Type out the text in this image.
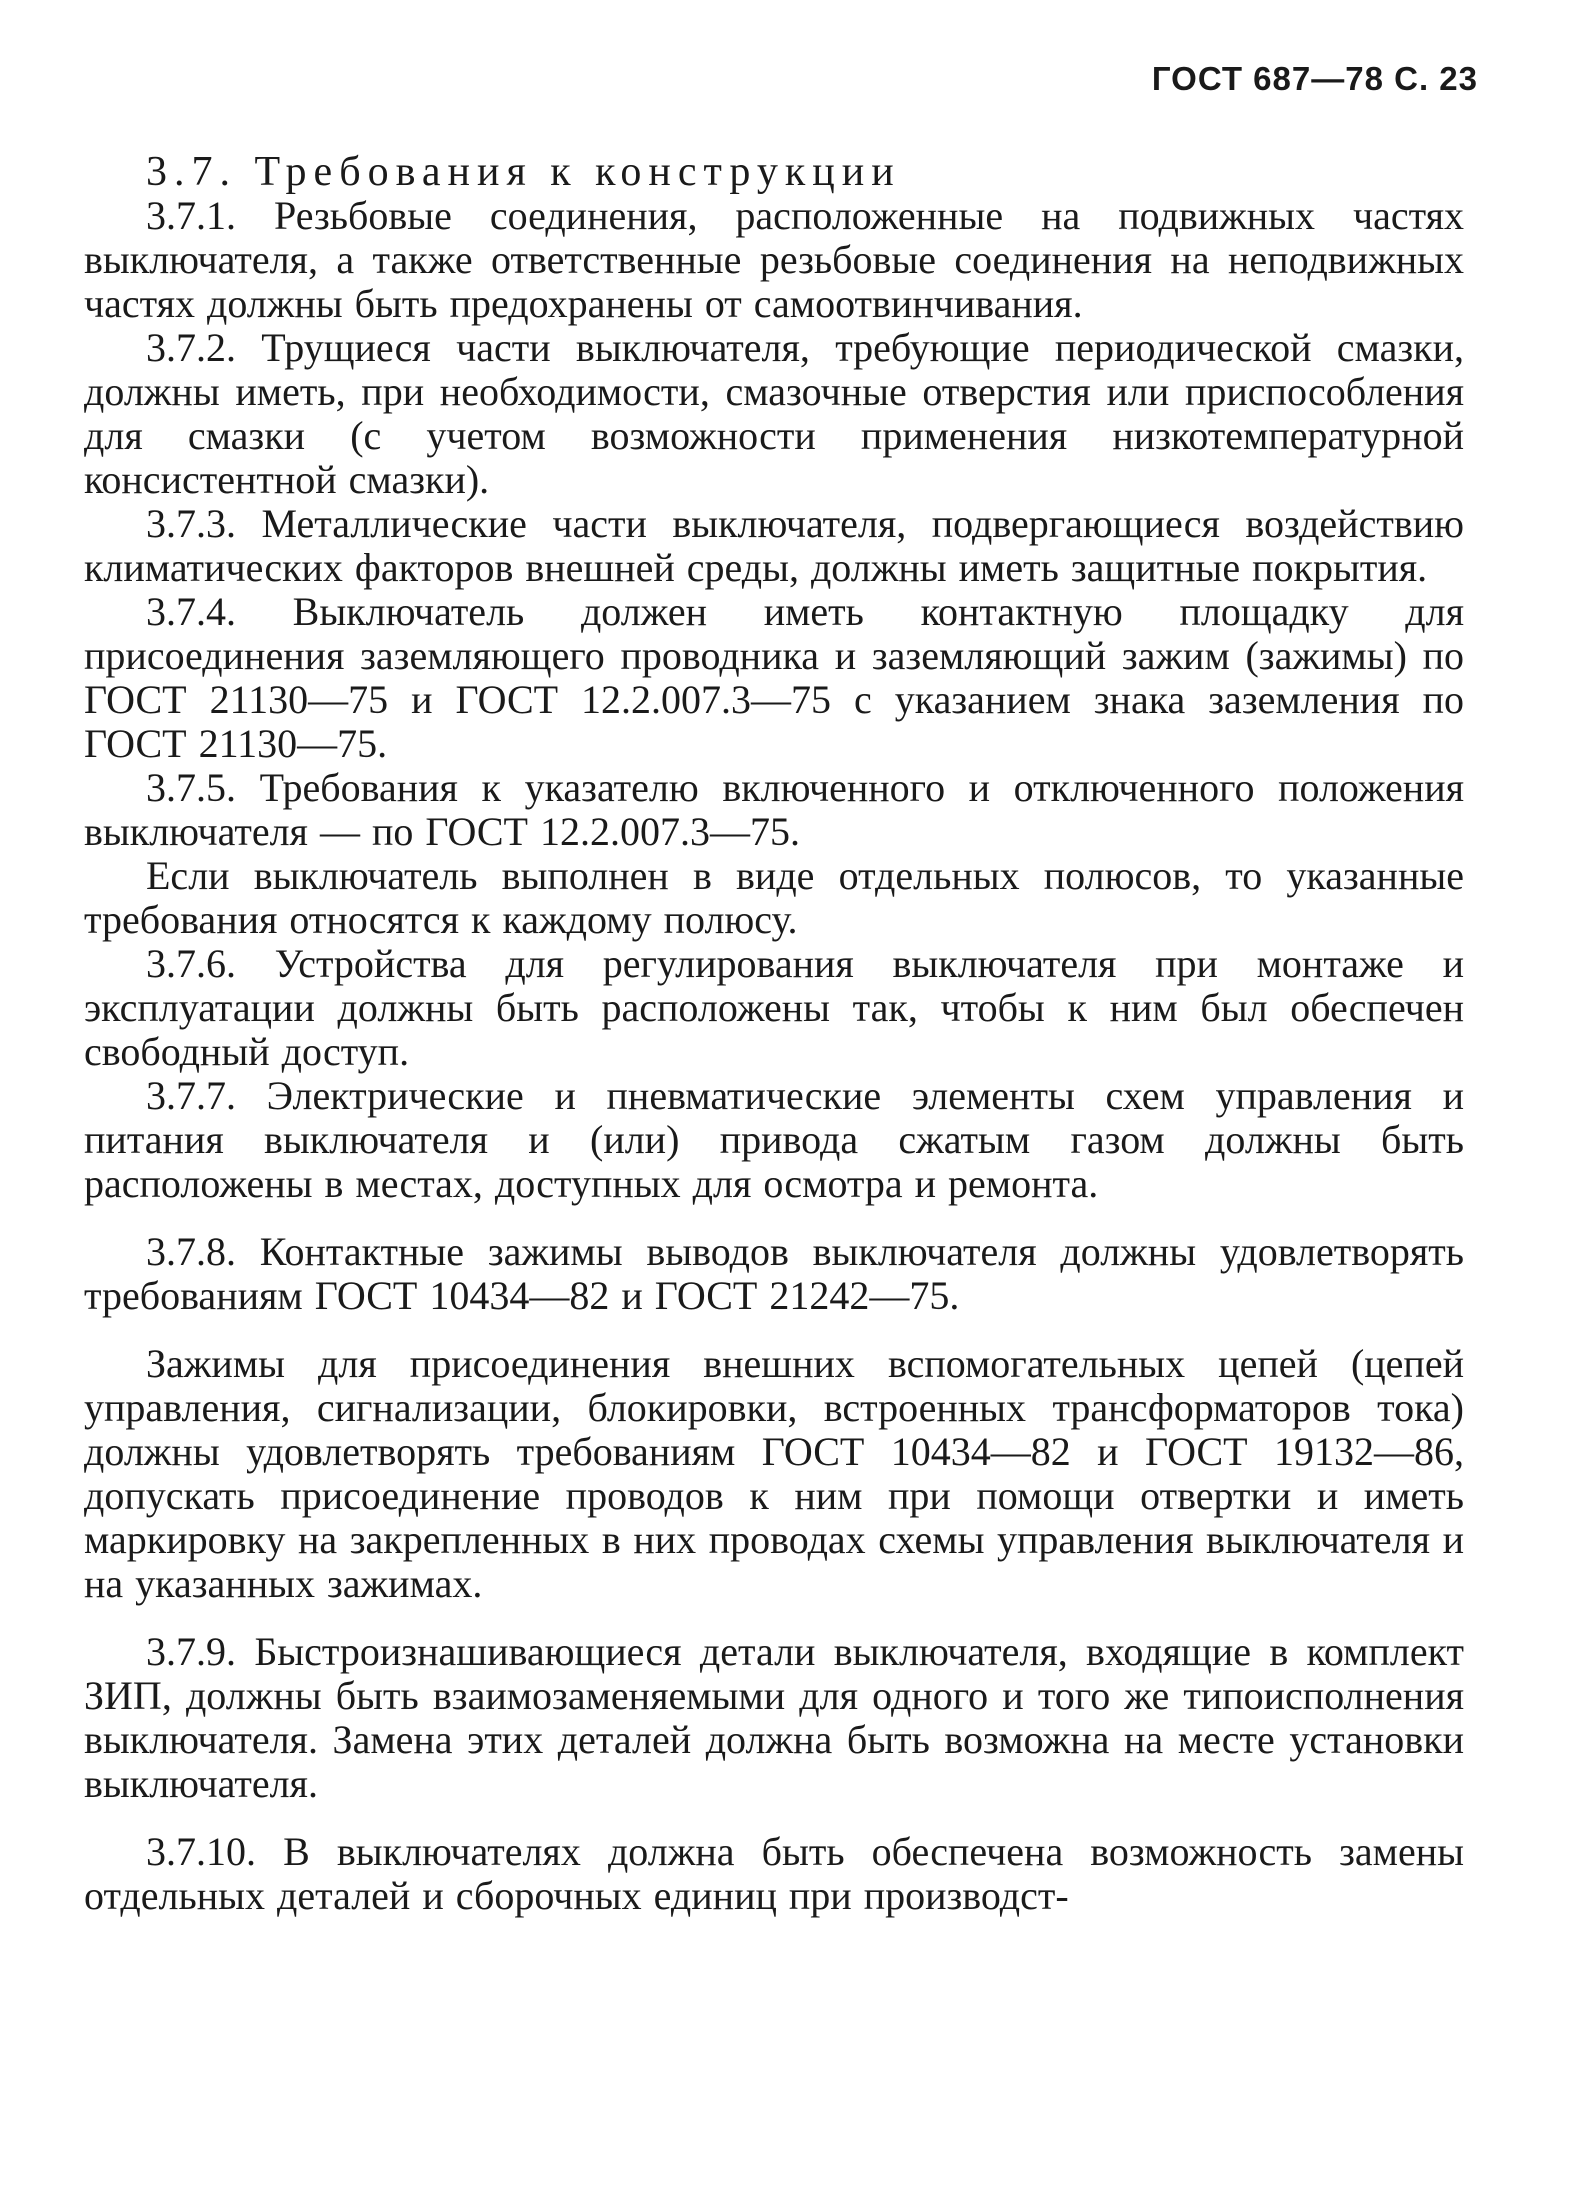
ГОСТ 687—78 С. 23

3.7. Требования к конструкции

3.7.1. Резьбовые соединения, расположенные на подвижных частях выключателя, а также ответственные резьбовые соединения на неподвижных частях должны быть предохранены от самоотвинчивания.

3.7.2. Трущиеся части выключателя, требующие периодической смазки, должны иметь, при необходимости, смазочные отверстия или приспособления для смазки (с учетом возможности применения низкотемпературной консистентной смазки).

3.7.3. Металлические части выключателя, подвергающиеся воздействию климатических факторов внешней среды, должны иметь защитные покрытия.

3.7.4. Выключатель должен иметь контактную площадку для присоединения заземляющего проводника и заземляющий зажим (зажимы) по ГОСТ 21130—75 и ГОСТ 12.2.007.3—75 с указанием знака заземления по ГОСТ 21130—75.

3.7.5. Требования к указателю включенного и отключенного положения выключателя — по ГОСТ 12.2.007.3—75.

Если выключатель выполнен в виде отдельных полюсов, то указанные требования относятся к каждому полюсу.

3.7.6. Устройства для регулирования выключателя при монтаже и эксплуатации должны быть расположены так, чтобы к ним был обеспечен свободный доступ.

3.7.7. Электрические и пневматические элементы схем управления и питания выключателя и (или) привода сжатым газом должны быть расположены в местах, доступных для осмотра и ремонта.

3.7.8. Контактные зажимы выводов выключателя должны удовлетворять требованиям ГОСТ 10434—82 и ГОСТ 21242—75.

Зажимы для присоединения внешних вспомогательных цепей (цепей управления, сигнализации, блокировки, встроенных трансформаторов тока) должны удовлетворять требованиям ГОСТ 10434—82 и ГОСТ 19132—86, допускать присоединение проводов к ним при помощи отвертки и иметь маркировку на закрепленных в них проводах схемы управления выключателя и на указанных зажимах.

3.7.9. Быстроизнашивающиеся детали выключателя, входящие в комплект ЗИП, должны быть взаимозаменяемыми для одного и того же типоисполнения выключателя. Замена этих деталей должна быть возможна на месте установки выключателя.

3.7.10. В выключателях должна быть обеспечена возможность замены отдельных деталей и сборочных единиц при производст-
